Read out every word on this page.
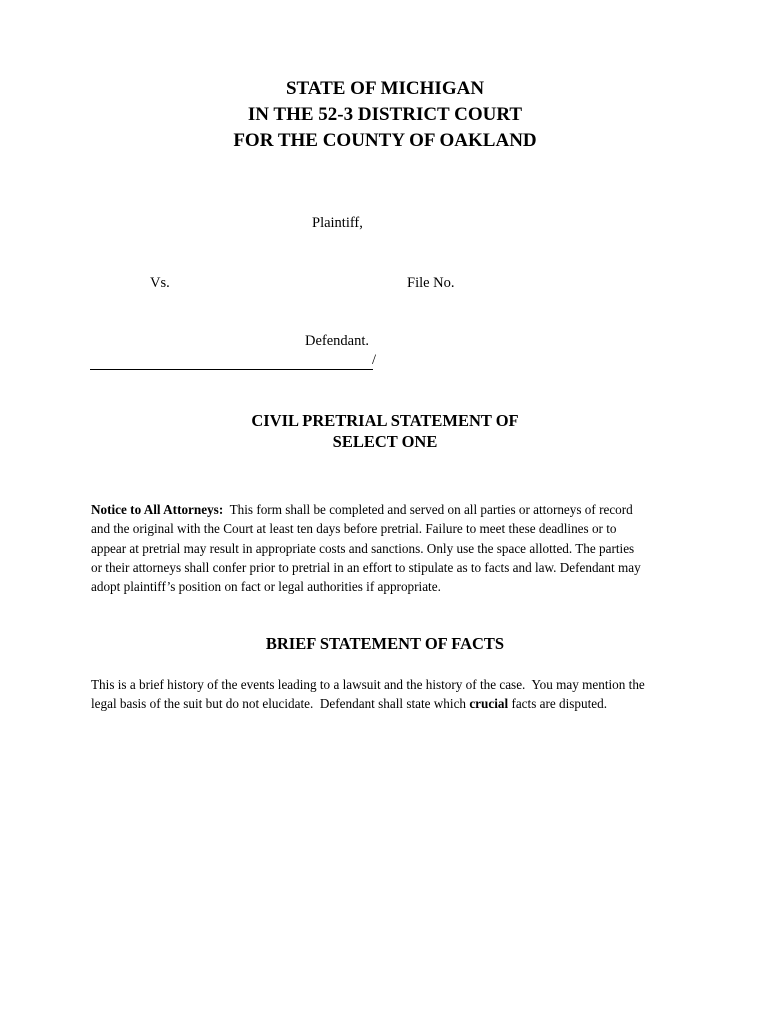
STATE OF MICHIGAN
IN THE 52-3 DISTRICT COURT
FOR THE COUNTY OF OAKLAND
Plaintiff,
Vs.	File No.
Defendant.
/
CIVIL PRETRIAL STATEMENT OF
SELECT ONE

Notice to All Attorneys:  This form shall be completed and served on all parties or attorneys of record

and the original with the Court at least ten days before pretrial. Failure to meet these deadlines or to

appear at pretrial may result in appropriate costs and sanctions. Only use the space allotted. The parties

or their attorneys shall confer prior to pretrial in an effort to stipulate as to facts and law. Defendant may

adopt plaintiff’s position on fact or legal authorities if appropriate.

BRIEF STATEMENT OF FACTS

This is a brief history of the events leading to a lawsuit and the history of the case.  You may mention the

legal basis of the suit but do not elucidate.  Defendant shall state which crucial facts are disputed.
